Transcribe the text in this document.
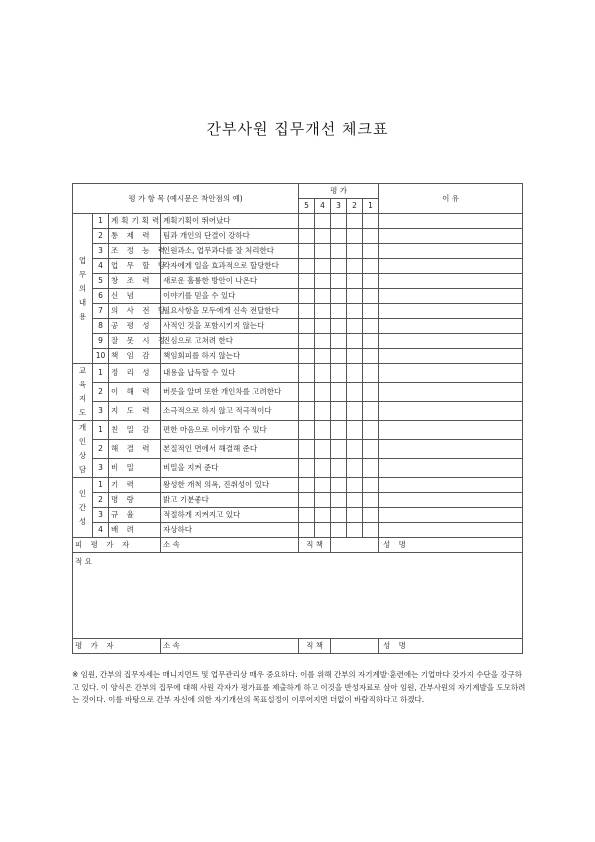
간부사원 집무개선 체크표
평 가 항 목 (예시문은 착안점의 예)				평 가					이 유
				5	4	3	2	1	

업
무
의
내
용	1	계획기획력	계획기획이 뛰어났다						
	2	통 제 력	팀과 개인의 단결이 강하다						
	3	조 정 능 력	인원과소, 업무과다를 잘 처리한다						
	4	업 무 할 당	각자에게 일을 효과적으로 할당한다						
	5	창 조 력	새로운 훌륭한 방안이 나온다						
	6	신 념	이야기를 믿을 수 있다						
	7	의 사 전 달	필요사항을 모두에게 신속 전달한다						
	8	공 평 성	사적인 것을 포함시키지 않는다						
	9	잘 못 시 정	진심으로 고쳐려 한다						
	10	책 임 감	책임회피를 하지 않는다						

교
육
지
도	1	정 리 성	내용을 납득할 수 있다						
	2	이 해 력	버릇을 알며 또한 개인차를 고려한다						
	3	지 도 력	소극적으로 하지 않고 적극적이다						

개
인
상
담	1	친 밀 감	편한 마음으로 이야기할 수 있다						
	2	해 결 력	본질적인 면에서 해결해 준다						
	3	비 밀	비밀을 지켜 준다						

인
간
성	1	기 력	왕성한 개척 의욕, 진취성이 있다						
	2	명 랑	밝고 기분좋다						
	3	규 율	적절하게 지켜지고 있다						
	4	배 려	자상하다						
피 평 가 자			소 속	직 책					성 명
적 요									
평 가 자			소 속	직 책					성 명
※ 임원, 간부의 집무자세는 매니지먼트 및 업무관리상 매우 중요하다. 이를 위해 간부의 자기계발·훈련에는 기업마다 갖가지 수단을 강구하고 있다. 이 양식은 간부의 집무에 대해 사원 각자가 평가표를 제출하게 하고 이것을 반성자료로 삼아 임원, 간부사원의 자기계발을 도모하려는 것이다. 이를 바탕으로 간부 자신에 의한 자기개선의 목표설정이 이루어지면 더없이 바람직하다고 하겠다.
